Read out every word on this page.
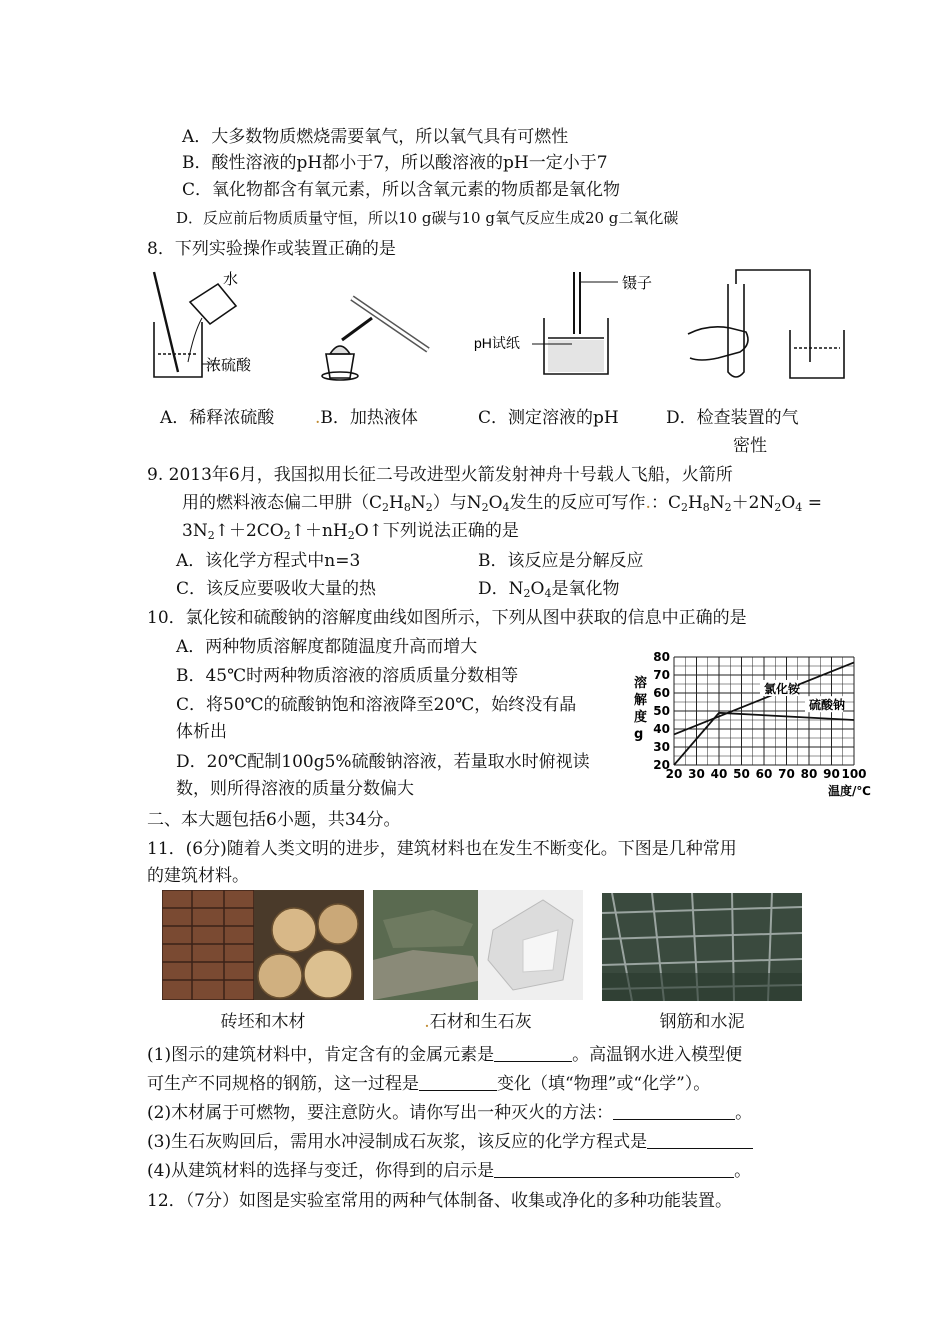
A．大多数物质燃烧需要氧气，所以氧气具有可燃性
B．酸性溶液的pH都小于7，所以酸溶液的pH一定小于7
C．氧化物都含有氧元素，所以含氧元素的物质都是氧化物
D．反应前后物质质量守恒，所以10 g碳与10 g氧气反应生成20 g二氧化碳
8．下列实验操作或装置正确的是
水
浓硫酸
镊子
pH试纸
A．稀释浓硫酸 .B．加热液体	C．测定溶液的pH	D．检查装置的气
密性
9. 2013年6月，我国拟用长征二号改进型火箭发射神舟十号载人飞船，火箭所
用的燃料液态偏二甲肼$(C_2H_8N_2)$与$N_2O_4$发生的反应可写作.：$C_2H_8N_2+2N_2O_4$ =
$3N_2↑+2CO_2↑+nH_2O↑$下列说法正确的是
A．该化学方程式中n=3	B．该反应是分解反应
C．该反应要吸收大量的热	D．$N_2O_4$是氧化物
10．氯化铵和硫酸钠的溶解度曲线如图所示，下列从图中获取的信息中正确的是
A．两种物质溶解度都随温度升高而增大
B．45℃时两种物质溶液的溶质质量分数相等
C．将50℃的硫酸钠饱和溶液降至20℃，始终没有晶
体析出
D．20℃配制100g5%硫酸钠溶液，若量取水时俯视读
数，则所得溶液的质量分数偏大
20
30
40
50
60
70
80
20 30 40 50 60 70 80 90 100
氯化铵
硫酸钠
溶解度 g
温度/℃
二、本大题包括6小题，共34分。
11．(6分)随着人类文明的进步，建筑材料也在发生不断变化。下图是几种常用
的建筑材料。
砖坯和木材	.石材和生石灰	钢筋和水泥
(1)图示的建筑材料中，肯定含有的金属元素是	。高温钢水进入模型便
可生产不同规格的钢筋，这一过程是	变化（填“物理”或“化学”）。
(2)木材属于可燃物，要注意防火。请你写出一种灭火的方法：	。
(3)生石灰购回后，需用水冲浸制成石灰浆，该反应的化学方程式是
(4)从建筑材料的选择与变迁，你得到的启示是	。
12．（7分）如图是实验室常用的两种气体制备、收集或净化的多种功能装置。
